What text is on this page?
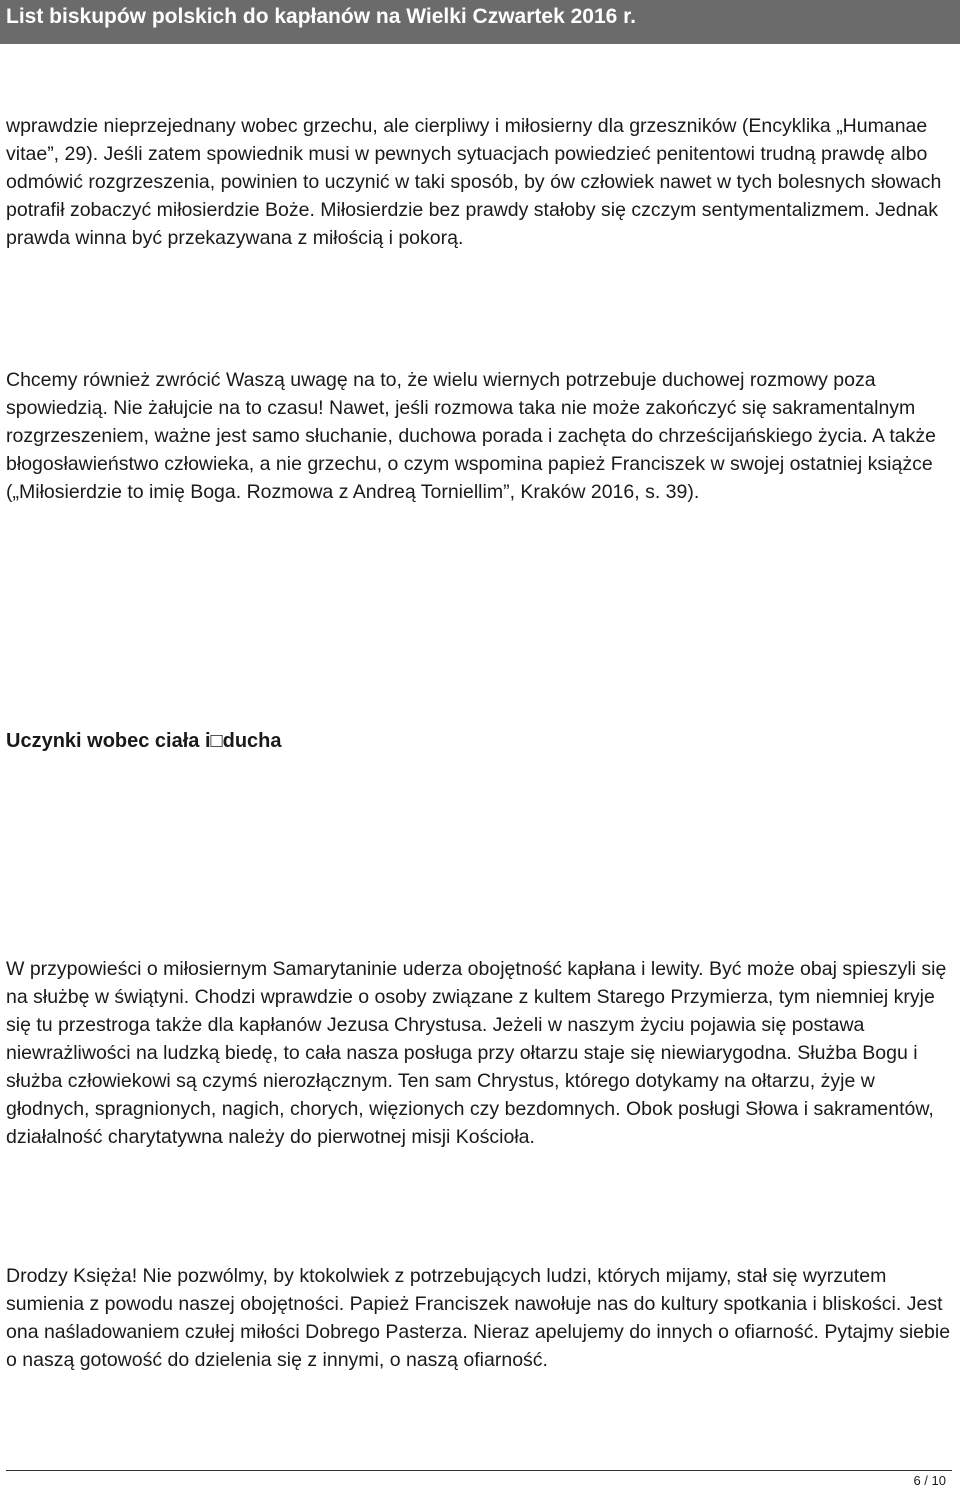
List biskupów polskich do kapłanów na Wielki Czwartek 2016 r.

wprawdzie nieprzejednany wobec grzechu, ale cierpliwy i miłosierny dla grzeszników (Encyklika „Humanae vitae”, 29). Jeśli zatem spowiednik musi w pewnych sytuacjach powiedzieć penitentowi trudną prawdę albo odmówić rozgrzeszenia, powinien to uczynić w taki sposób, by ów człowiek nawet w tych bolesnych słowach potrafił zobaczyć miłosierdzie Boże. Miłosierdzie bez prawdy stałoby się czczym sentymentalizmem. Jednak prawda winna być przekazywana z miłością i pokorą.

Chcemy również zwrócić Waszą uwagę na to, że wielu wiernych potrzebuje duchowej rozmowy poza spowiedzią. Nie żałujcie na to czasu! Nawet, jeśli rozmowa taka nie może zakończyć się sakramentalnym rozgrzeszeniem, ważne jest samo słuchanie, duchowa porada i zachęta do chrześcijańskiego życia. A także błogosławieństwo człowieka, a nie grzechu, o czym wspomina papież Franciszek w swojej ostatniej książce („Miłosierdzie to imię Boga. Rozmowa z Andreą Torniellim”, Kraków 2016, s. 39).

Uczynki wobec ciała i□ducha

W przypowieści o miłosiernym Samarytaninie uderza obojętność kapłana i lewity. Być może obaj spieszyli się na służbę w świątyni. Chodzi wprawdzie o osoby związane z kultem Starego Przymierza, tym niemniej kryje się tu przestroga także dla kapłanów Jezusa Chrystusa. Jeżeli w naszym życiu pojawia się postawa niewrażliwości na ludzką biedę, to cała nasza posługa przy ołtarzu staje się niewiarygodna. Służba Bogu i służba człowiekowi są czymś nierozłącznym. Ten sam Chrystus, którego dotykamy na ołtarzu, żyje w głodnych, spragnionych, nagich, chorych, więzionych czy bezdomnych. Obok posługi Słowa i sakramentów, działalność charytatywna należy do pierwotnej misji Kościoła.

Drodzy Księża! Nie pozwólmy, by ktokolwiek z potrzebujących ludzi, których mijamy, stał się wyrzutem sumienia z powodu naszej obojętności. Papież Franciszek nawołuje nas do kultury spotkania i bliskości. Jest ona naśladowaniem czułej miłości Dobrego Pasterza. Nieraz apelujemy do innych o ofiarność. Pytajmy siebie o naszą gotowość do dzielenia się z innymi, o naszą ofiarność.

6 / 10
